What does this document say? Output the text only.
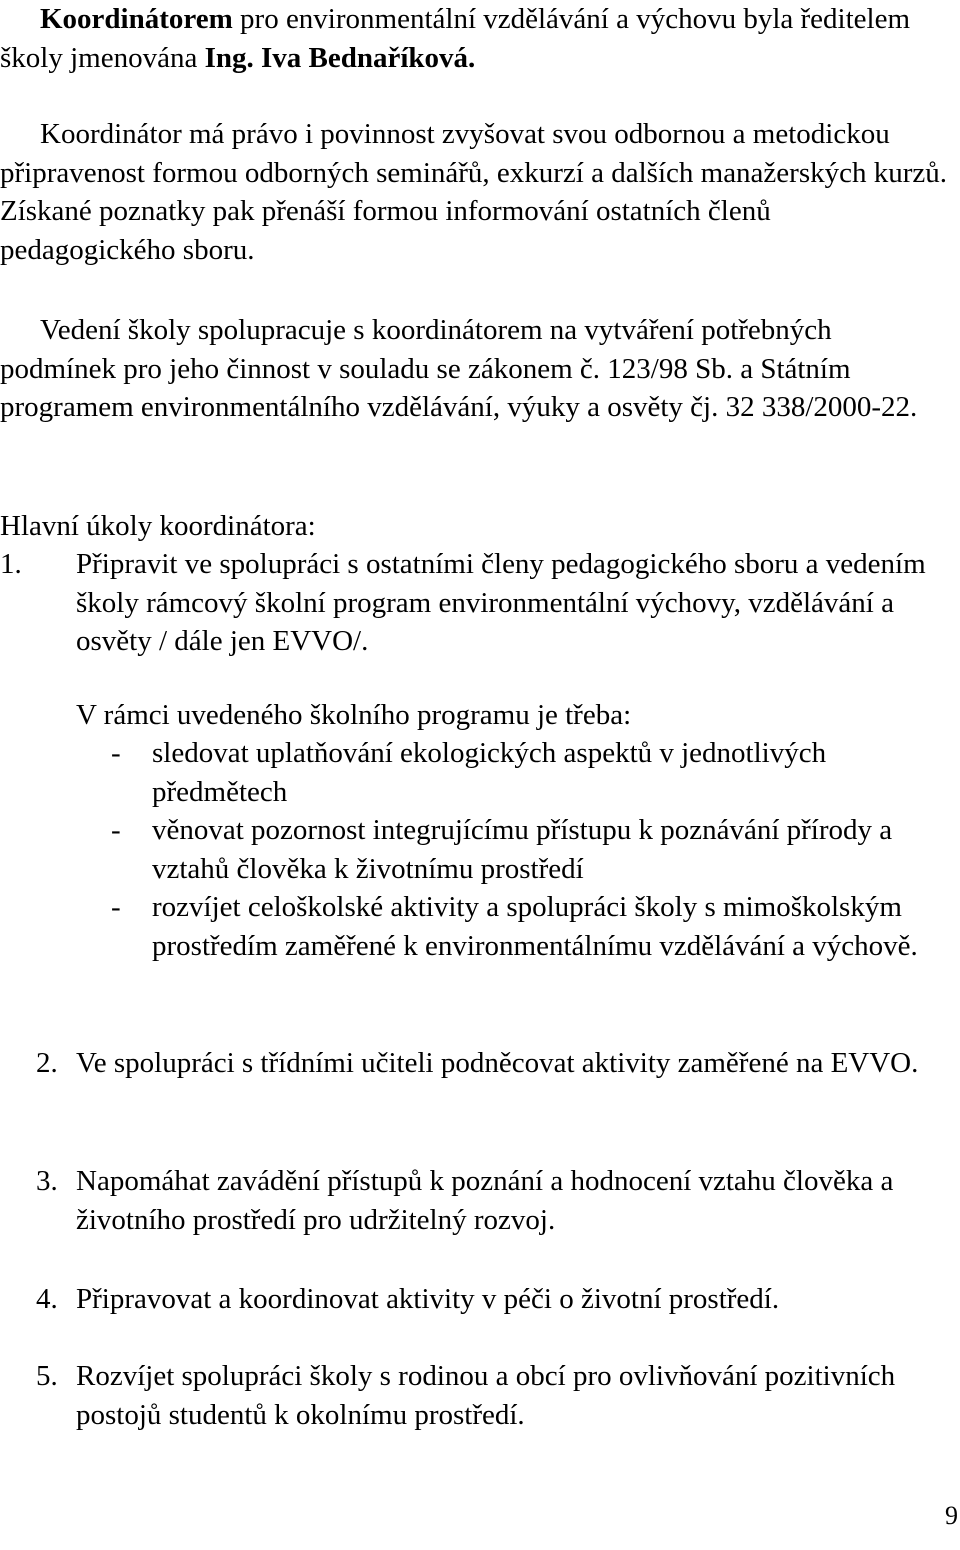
Koordinátorem pro environmentální vzdělávání a výchovu byla ředitelem školy jmenována Ing. Iva Bednaříková.

Koordinátor má právo i povinnost zvyšovat svou odbornou a metodickou připravenost formou odborných seminářů, exkurzí a dalších manažerských kurzů. Získané poznatky pak přenáší formou informování ostatních členů pedagogického sboru.

Vedení školy spolupracuje s koordinátorem na vytváření potřebných podmínek pro jeho činnost v souladu se zákonem č. 123/98 Sb. a Státním programem environmentálního vzdělávání, výuky a osvěty čj. 32 338/2000-22.

Hlavní úkoly koordinátora:

1. Připravit ve spolupráci s ostatními členy pedagogického sboru a vedením školy rámcový školní program environmentální výchovy, vzdělávání a osvěty / dále jen EVVO/.

V rámci uvedeného školního programu je třeba:

- sledovat uplatňování ekologických aspektů v jednotlivých předmětech
- věnovat pozornost integrujícímu přístupu k poznávání přírody a vztahů člověka k životnímu prostředí
- rozvíjet celoškolské aktivity a spolupráci školy s mimoškolským prostředím zaměřené k environmentálnímu vzdělávání a výchově.
2. Ve spolupráci s třídními učiteli podněcovat aktivity zaměřené na EVVO.

3. Napomáhat zavádění přístupů k poznání a hodnocení vztahu člověka a životního prostředí pro udržitelný rozvoj.

4. Připravovat a koordinovat aktivity v péči o životní prostředí.

5. Rozvíjet spolupráci školy s rodinou a obcí pro ovlivňování pozitivních postojů studentů k okolnímu prostředí.

9
